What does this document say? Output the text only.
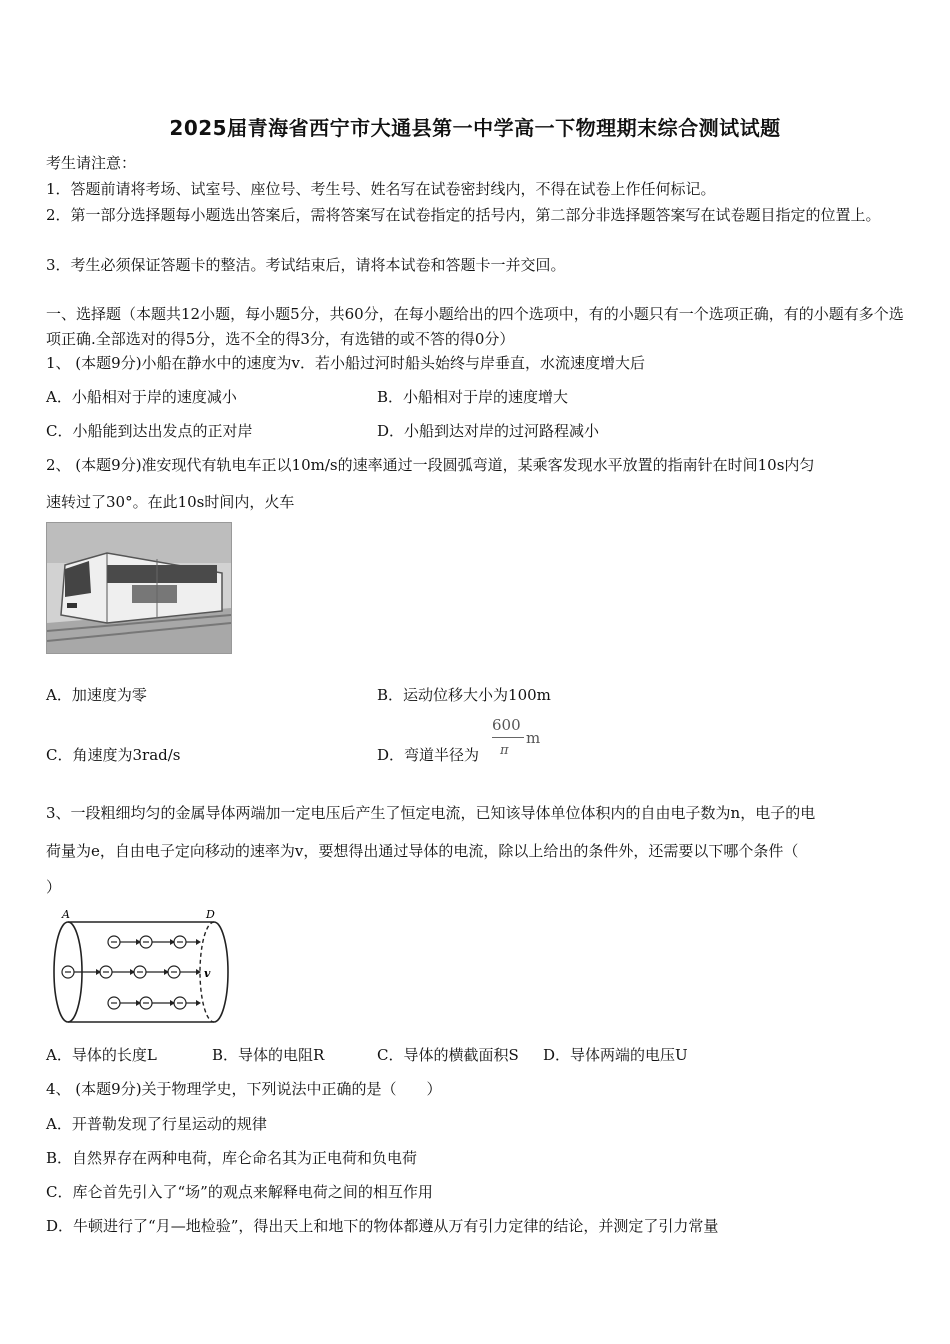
2025届青海省西宁市大通县第一中学高一下物理期末综合测试试题
考生请注意：
1．答题前请将考场、试室号、座位号、考生号、姓名写在试卷密封线内，不得在试卷上作任何标记。
2．第一部分选择题每小题选出答案后，需将答案写在试卷指定的括号内，第二部分非选择题答案写在试卷题目指定的位置上。
3．考生必须保证答题卡的整洁。考试结束后，请将本试卷和答题卡一并交回。
一、选择题（本题共12小题，每小题5分，共60分，在每小题给出的四个选项中，有的小题只有一个选项正确，有的小题有多个选项正确.全部选对的得5分，选不全的得3分，有选错的或不答的得0分）
1、 (本题9分)小船在静水中的速度为v．若小船过河时船头始终与岸垂直，水流速度增大后
A．小船相对于岸的速度减小	B．小船相对于岸的速度增大
C．小船能到达出发点的正对岸	D．小船到达对岸的过河路程减小
2、 (本题9分)准安现代有轨电车正以10m/s的速率通过一段圆弧弯道，某乘客发现水平放置的指南针在时间10s内匀
速转过了30°。在此10s时间内，火车
A．加速度为零	B．运动位移大小为100m
C．角速度为3rad/s	D．弯道半径为
600
π
m
3、一段粗细均匀的金属导体两端加一定电压后产生了恒定电流，已知该导体单位体积内的自由电子数为n，电子的电
荷量为e，自由电子定向移动的速率为v，要想得出通过导体的电流，除以上给出的条件外，还需要以下哪个条件（
）
A	D
v
A．导体的长度L	B．导体的电阻R	C．导体的横截面积S D．导体两端的电压U
4、 (本题9分)关于物理学史，下列说法中正确的是（　　）
A．开普勒发现了行星运动的规律
B．自然界存在两种电荷，库仑命名其为正电荷和负电荷
C．库仑首先引入了“场”的观点来解释电荷之间的相互作用
D．牛顿进行了“月—地检验”，得出天上和地下的物体都遵从万有引力定律的结论，并测定了引力常量
